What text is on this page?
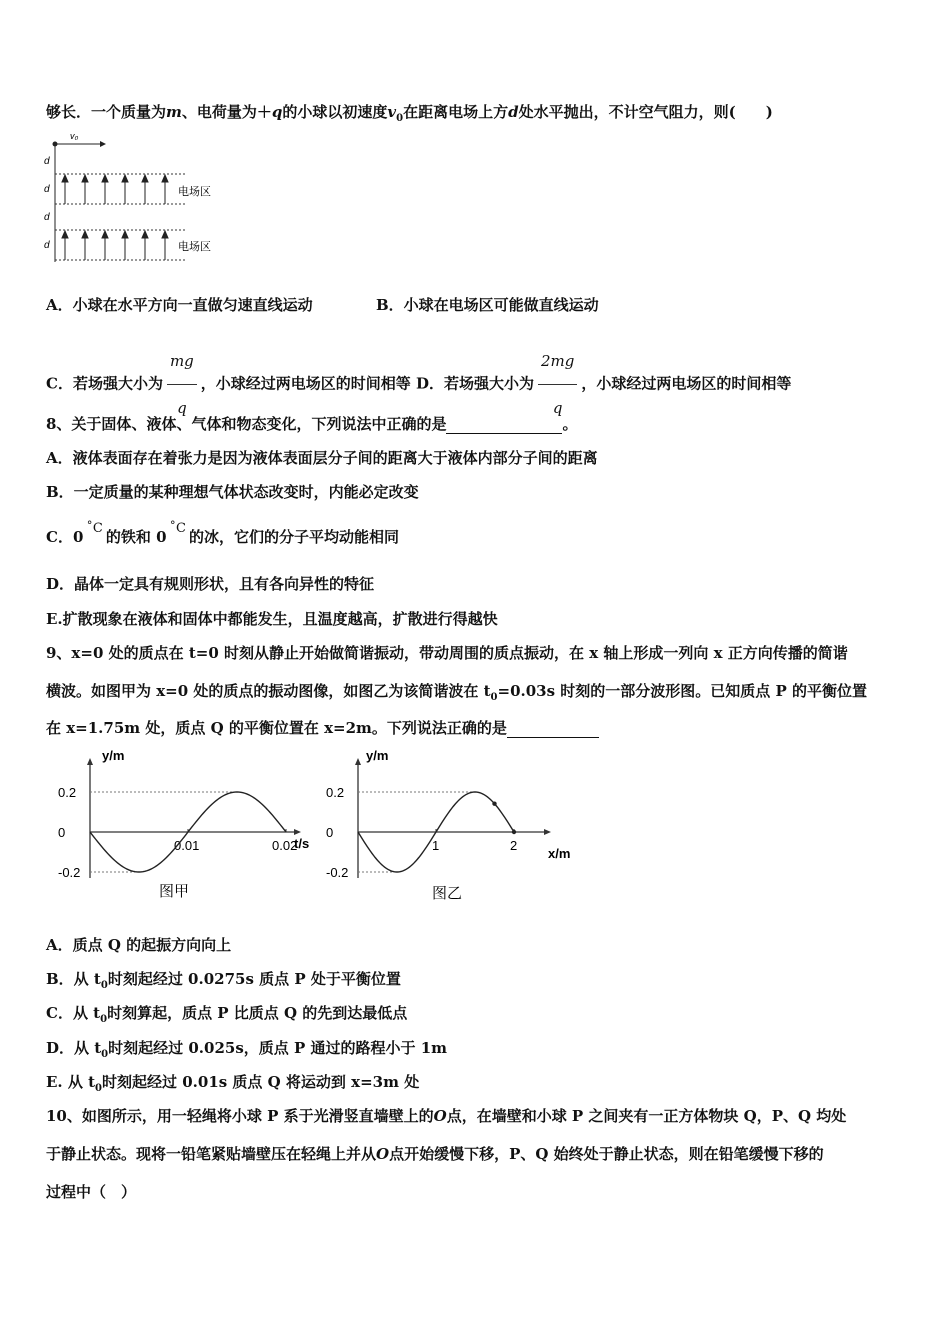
够长．一个质量为m、电荷量为＋q的小球以初速度$v_0$在距离电场上方d处水平抛出，不计空气阻力，则(　　)
v₀
d
d
d
d
电场区
电场区
A．小球在水平方向一直做匀速直线运动	B．小球在电场区可能做直线运动
C．若场强大小为 $\frac{mg}{q}$ ，小球经过两电场区的时间相等 D．若场强大小为 $\frac{2mg}{q}$ ，小球经过两电场区的时间相等
8、关于固体、液体、气体和物态变化，下列说法中正确的是	。
A．液体表面存在着张力是因为液体表面层分子间的距离大于液体内部分子间的距离
B．一定质量的某种理想气体状态改变时，内能必定改变
C．0 ˚C 的铁和 0 ˚C 的冰，它们的分子平均动能相同
D．晶体一定具有规则形状，且有各向异性的特征
E.扩散现象在液体和固体中都能发生，且温度越高，扩散进行得越快
9、x=0 处的质点在 t=0 时刻从静止开始做简谐振动，带动周围的质点振动，在 x 轴上形成一列向 x 正方向传播的简谐
横波。如图甲为 x=0 处的质点的振动图像，如图乙为该简谐波在 $t_0=0.03s$ 时刻的一部分波形图。已知质点 P 的平衡位置
在 x=1.75m 处，质点 Q 的平衡位置在 x=2m。下列说法正确的是
y/m
t/s
图甲
0.2
0
-0.2
0.01	0.02
y/m
x/m
图乙
0.2
0
-0.2
1	2
A．质点 Q 的起振方向向上
B．从 $t_0$时刻起经过 0.0275s 质点 P 处于平衡位置
C．从 $t_0$时刻算起，质点 P 比质点 Q 的先到达最低点
D．从 $t_0$时刻起经过 0.025s，质点 P 通过的路程小于 1m
E. 从 $t_0$时刻起经过 0.01s 质点 Q 将运动到 x=3m 处
10、如图所示，用一轻绳将小球 P 系于光滑竖直墙壁上的O点，在墙壁和小球 P 之间夹有一正方体物块 Q，P、Q 均处
于静止状态。现将一铅笔紧贴墙壁压在轻绳上并从O点开始缓慢下移，P、Q 始终处于静止状态，则在铅笔缓慢下移的
过程中（　）
